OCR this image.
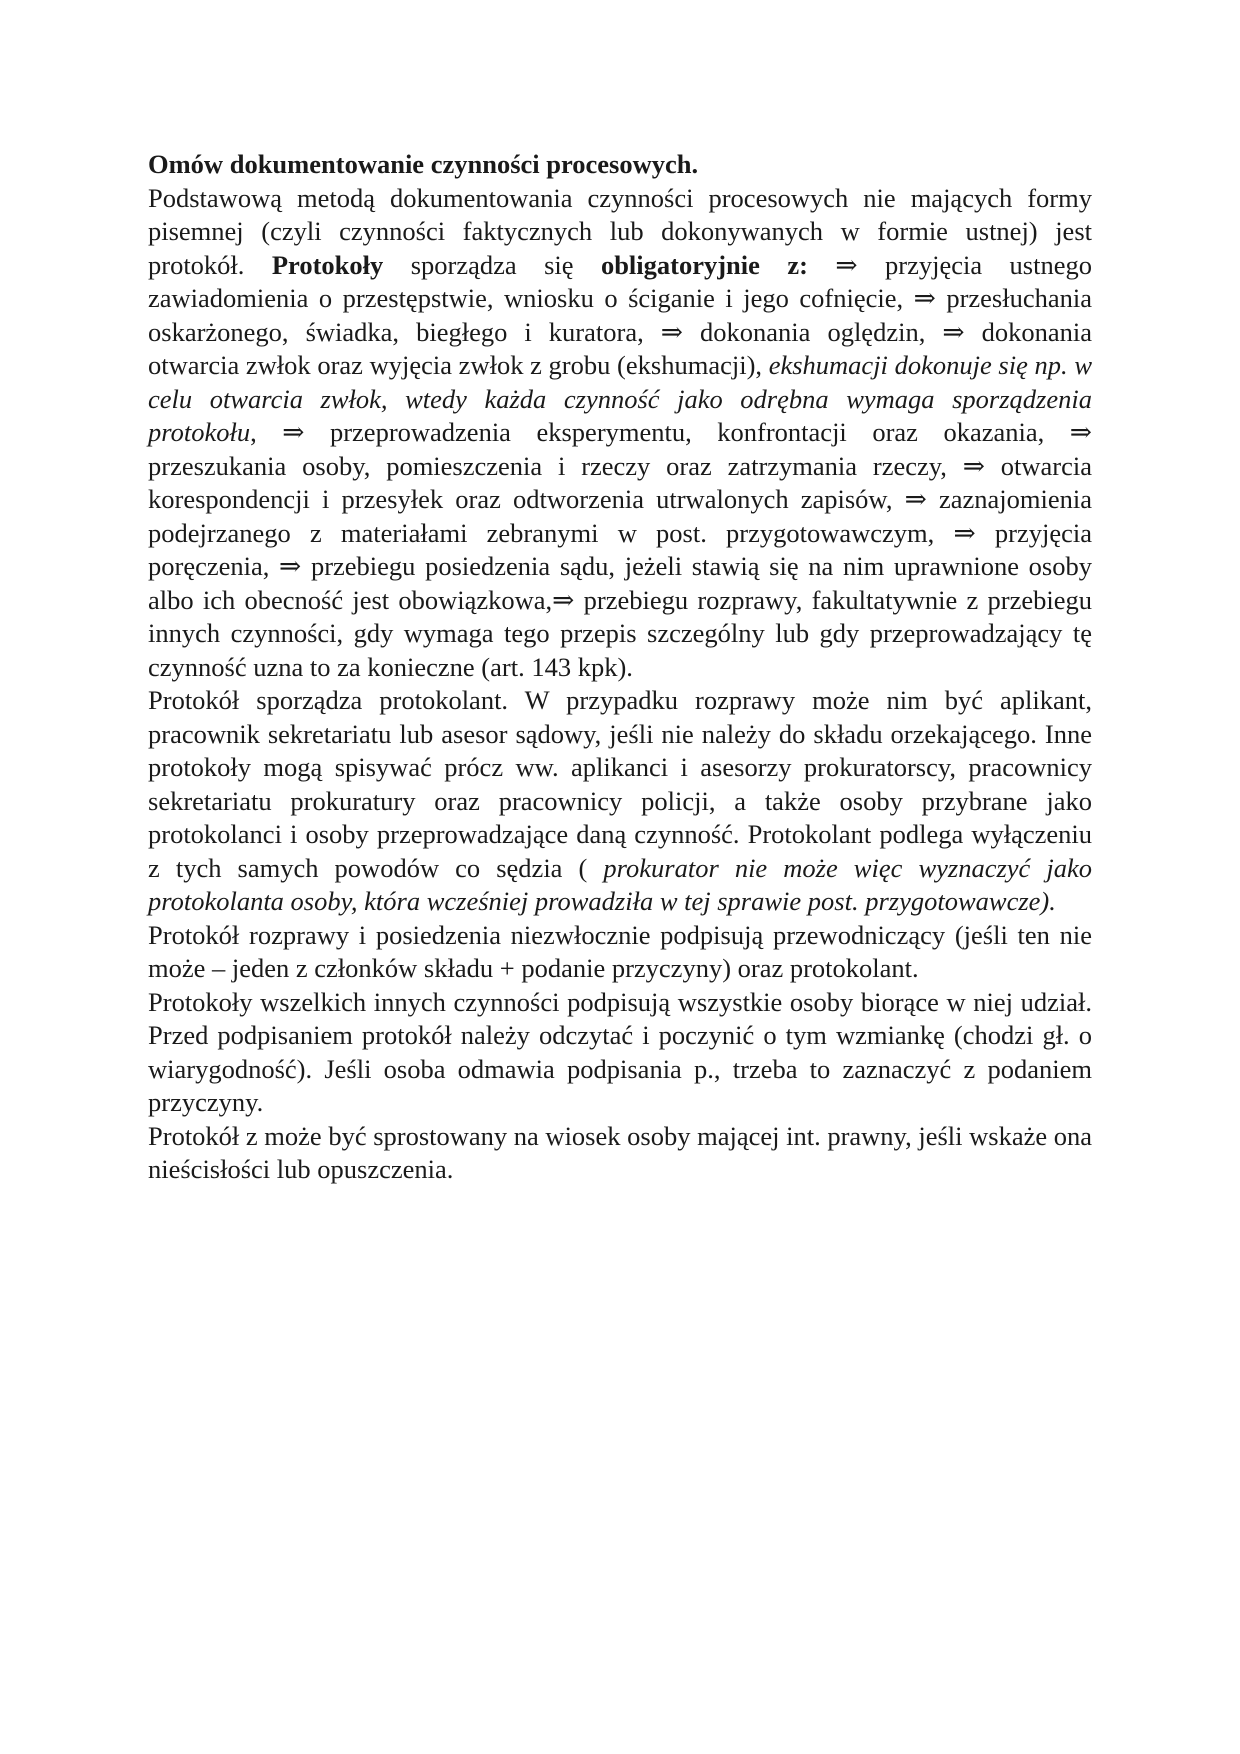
Omów dokumentowanie czynności procesowych.

Podstawową metodą dokumentowania czynności procesowych nie mających formy pisemnej (czyli czynności faktycznych lub dokonywanych w formie ustnej) jest protokół. Protokoły sporządza się obligatoryjnie z: ⇒ przyjęcia ustnego zawiadomienia o przestępstwie, wniosku o ściganie i jego cofnięcie, ⇒ przesłuchania oskarżonego, świadka, biegłego i kuratora, ⇒ dokonania oględzin, ⇒ dokonania otwarcia zwłok oraz wyjęcia zwłok z grobu (ekshumacji), ekshumacji dokonuje się np. w celu otwarcia zwłok, wtedy każda czynność jako odrębna wymaga sporządzenia protokołu, ⇒ przeprowadzenia eksperymentu, konfrontacji oraz okazania, ⇒ przeszukania osoby, pomieszczenia i rzeczy oraz zatrzymania rzeczy, ⇒ otwarcia korespondencji i przesyłek oraz odtworzenia utrwalonych zapisów, ⇒ zaznajomienia podejrzanego z materiałami zebranymi w post. przygotowawczym, ⇒ przyjęcia poręczenia, ⇒ przebiegu posiedzenia sądu, jeżeli stawią się na nim uprawnione osoby albo ich obecność jest obowiązkowa,⇒ przebiegu rozprawy, fakultatywnie z przebiegu innych czynności, gdy wymaga tego przepis szczególny lub gdy przeprowadzający tę czynność uzna to za konieczne (art. 143 kpk).

Protokół sporządza protokolant. W przypadku rozprawy może nim być aplikant, pracownik sekretariatu lub asesor sądowy, jeśli nie należy do składu orzekającego. Inne protokoły mogą spisywać prócz ww. aplikanci i asesorzy prokuratorscy, pracownicy sekretariatu prokuratury oraz pracownicy policji, a także osoby przybrane jako protokolanci i osoby przeprowadzające daną czynność. Protokolant podlega wyłączeniu z tych samych powodów co sędzia ( prokurator nie może więc wyznaczyć jako protokolanta osoby, która wcześniej prowadziła w tej sprawie post. przygotowawcze).

Protokół rozprawy i posiedzenia niezwłocznie podpisują przewodniczący (jeśli ten nie może – jeden z członków składu + podanie przyczyny) oraz protokolant.

Protokoły wszelkich innych czynności podpisują wszystkie osoby biorące w niej udział. Przed podpisaniem protokół należy odczytać i poczynić o tym wzmiankę (chodzi gł. o wiarygodność). Jeśli osoba odmawia podpisania p., trzeba to zaznaczyć z podaniem przyczyny.

Protokół z może być sprostowany na wiosek osoby mającej int. prawny, jeśli wskaże ona nieścisłości lub opuszczenia.
